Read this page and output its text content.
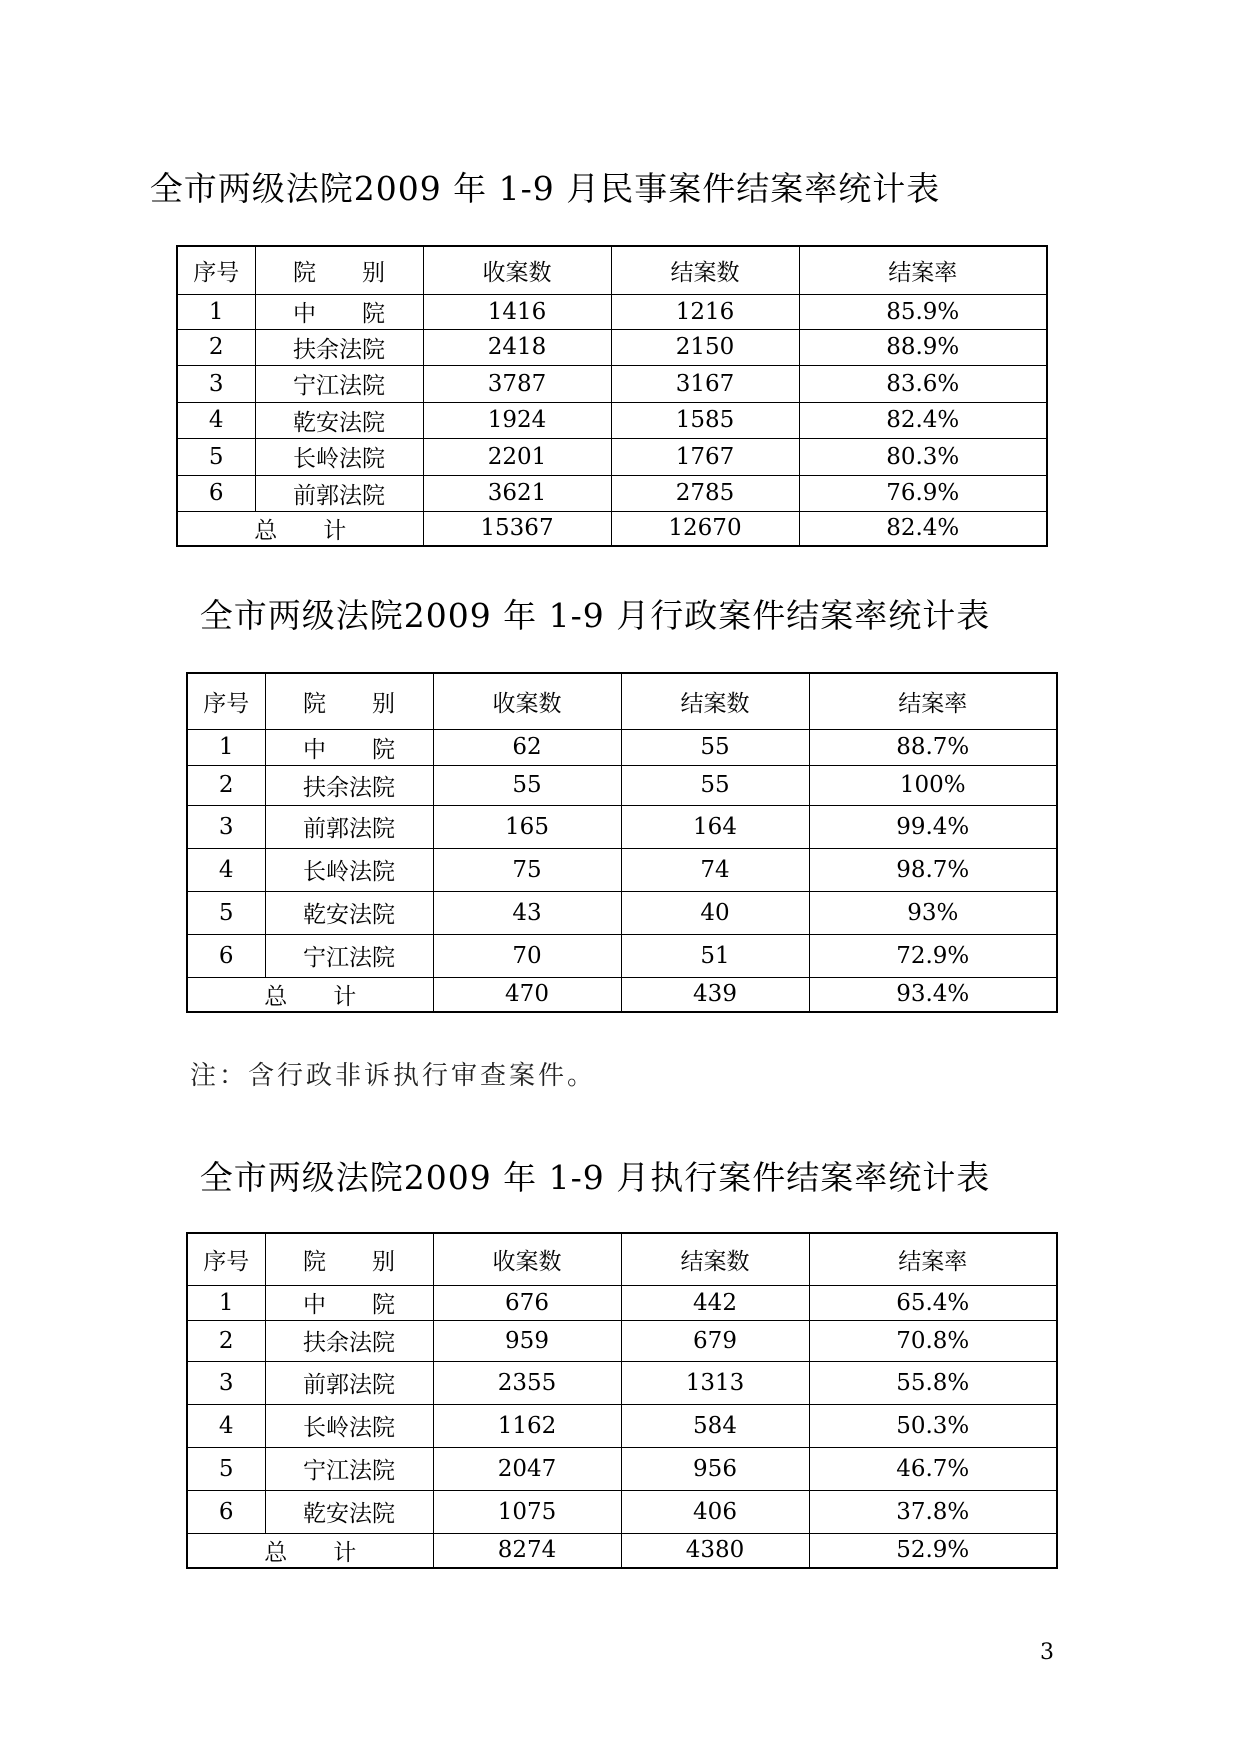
全市两级法院2009 年 1-9 月民事案件结案率统计表
序号	院　　别	收案数	结案数	结案率
1	中　　院	1416	1216	85.9%
2	扶余法院	2418	2150	88.9%
3	宁江法院	3787	3167	83.6%
4	乾安法院	1924	1585	82.4%
5	长岭法院	2201	1767	80.3%
6	前郭法院	3621	2785	76.9%
总　　计		15367	12670	82.4%
全市两级法院2009 年 1-9 月行政案件结案率统计表
序号	院　　别	收案数	结案数	结案率
1	中　　院	62	55	88.7%
2	扶余法院	55	55	100%
3	前郭法院	165	164	99.4%
4	长岭法院	75	74	98.7%
5	乾安法院	43	40	93%
6	宁江法院	70	51	72.9%
总　　计		470	439	93.4%
注：含行政非诉执行审查案件。
全市两级法院2009 年 1-9 月执行案件结案率统计表
序号	院　　别	收案数	结案数	结案率
1	中　　院	676	442	65.4%
2	扶余法院	959	679	70.8%
3	前郭法院	2355	1313	55.8%
4	长岭法院	1162	584	50.3%
5	宁江法院	2047	956	46.7%
6	乾安法院	1075	406	37.8%
总　　计		8274	4380	52.9%
3
